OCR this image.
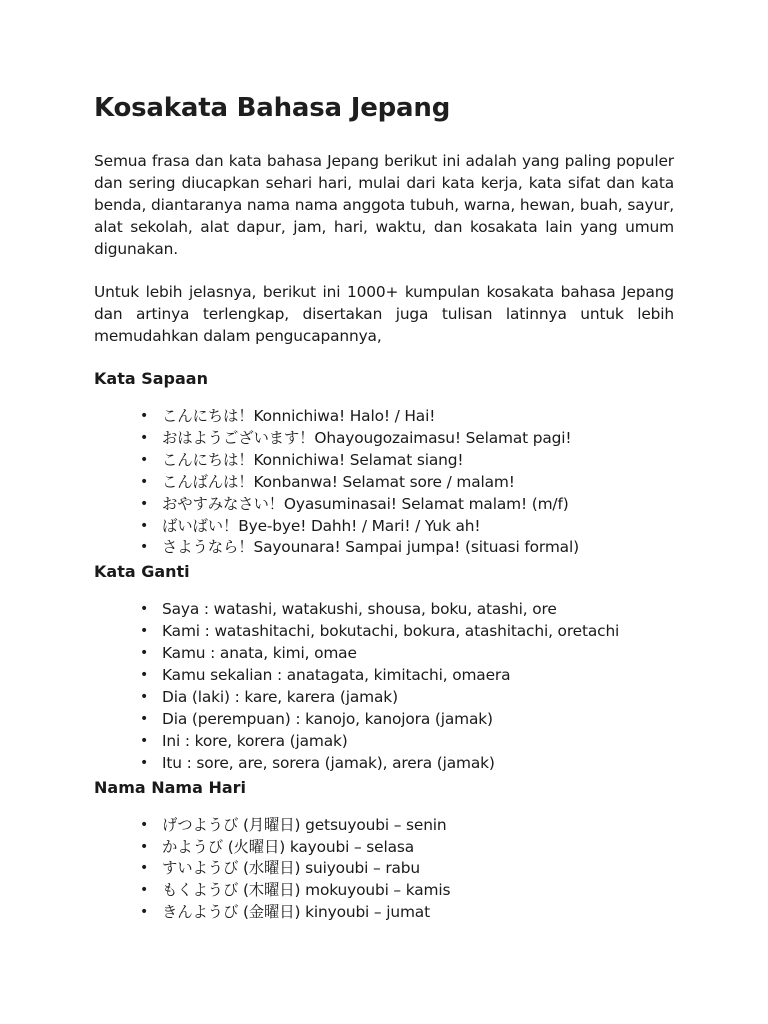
Kosakata Bahasa Jepang

Semua frasa dan kata bahasa Jepang berikut ini adalah yang paling populer dan sering diucapkan sehari hari, mulai dari kata kerja, kata sifat dan kata benda, diantaranya nama nama anggota tubuh, warna, hewan, buah, sayur, alat sekolah, alat dapur, jam, hari, waktu, dan kosakata lain yang umum digunakan.

Untuk lebih jelasnya, berikut ini 1000+ kumpulan kosakata bahasa Jepang dan artinya terlengkap, disertakan juga tulisan latinnya untuk lebih memudahkan dalam pengucapannya,

Kata Sapaan
• こんにちは！Konnichiwa! Halo! / Hai!
• おはようございます！Ohayougozaimasu! Selamat pagi!
• こんにちは！Konnichiwa! Selamat siang!
• こんばんは！Konbanwa! Selamat sore / malam!
• おやすみなさい！Oyasuminasai! Selamat malam! (m/f)
• ばいばい！Bye-bye! Dahh! / Mari! / Yuk ah!
• さようなら！Sayounara! Sampai jumpa! (situasi formal)
Kata Ganti
• Saya : watashi, watakushi, shousa, boku, atashi, ore
• Kami : watashitachi, bokutachi, bokura, atashitachi, oretachi
• Kamu : anata, kimi, omae
• Kamu sekalian : anatagata, kimitachi, omaera
• Dia (laki) : kare, karera (jamak)
• Dia (perempuan) : kanojo, kanojora (jamak)
• Ini : kore, korera (jamak)
• Itu : sore, are, sorera (jamak), arera (jamak)
Nama Nama Hari
• げつようび (月曜日) getsuyoubi – senin
• かようび (火曜日) kayoubi – selasa
• すいようび (水曜日) suiyoubi – rabu
• もくようび (木曜日) mokuyoubi – kamis
• きんようび (金曜日) kinyoubi – jumat
